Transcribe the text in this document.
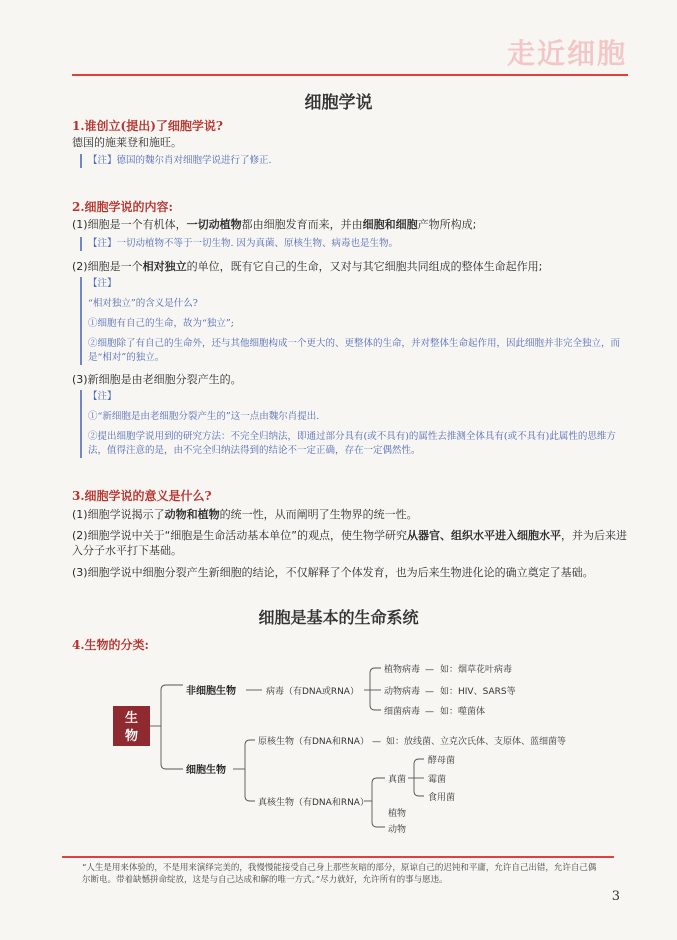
走近细胞
细胞学说
1.谁创立(提出)了细胞学说?
德国的施莱登和施旺。
【注】德国的魏尔肖对细胞学说进行了修正.
2.细胞学说的内容:
(1)细胞是一个有机体，一切动植物都由细胞发育而来，并由细胞和细胞产物所构成;
【注】一切动植物不等于一切生物. 因为真菌、原核生物、病毒也是生物。
(2)细胞是一个相对独立的单位，既有它自己的生命，又对与其它细胞共同组成的整体生命起作用;

【注】

“相对独立”的含义是什么?

①细胞有自己的生命，故为“独立”;

②细胞除了有自己的生命外，还与其他细胞构成一个更大的、更整体的生命，并对整体生命起作用，因此细胞并非完全独立，而是“相对”的独立。

(3)新细胞是由老细胞分裂产生的。

【注】

①“新细胞是由老细胞分裂产生的”这一点由魏尔肖提出.

②提出细胞学说用到的研究方法：不完全归纳法，即通过部分具有(或不具有)的属性去推测全体具有(或不具有)此属性的思维方法，值得注意的是，由不完全归纳法得到的结论不一定正确，存在一定偶然性。

3.细胞学说的意义是什么?
(1)细胞学说揭示了动物和植物的统一性，从而阐明了生物界的统一性。
(2)细胞学说中关于“细胞是生命活动基本单位”的观点，使生物学研究从器官、组织水平进入细胞水平，并为后来进入分子水平打下基础。
(3)细胞学说中细胞分裂产生新细胞的结论，不仅解释了个体发育，也为后来生物进化论的确立奠定了基础。
细胞是基本的生命系统
4.生物的分类:
生
物
非细胞生物	病毒（有DNA或RNA）
植物病毒 — 如：烟草花叶病毒
动物病毒 — 如：HIV、SARS等
细菌病毒 — 如：噬菌体
细胞生物
原核生物（有DNA和RNA） — 如：放线菌、立克次氏体、支原体、蓝细菌等
真核生物（有DNA和RNA）
真菌
酵母菌
霉菌
食用菌
植物
动物
“人生是用来体验的，不是用来演绎完美的，我慢慢能接受自己身上那些灰暗的部分，原谅自己的迟钝和平庸，允许自己出错，允许自己偶尔断电。带着缺憾拼命绽放，这是与自己达成和解的唯一方式。”尽力就好，允许所有的事与愿违。
3
